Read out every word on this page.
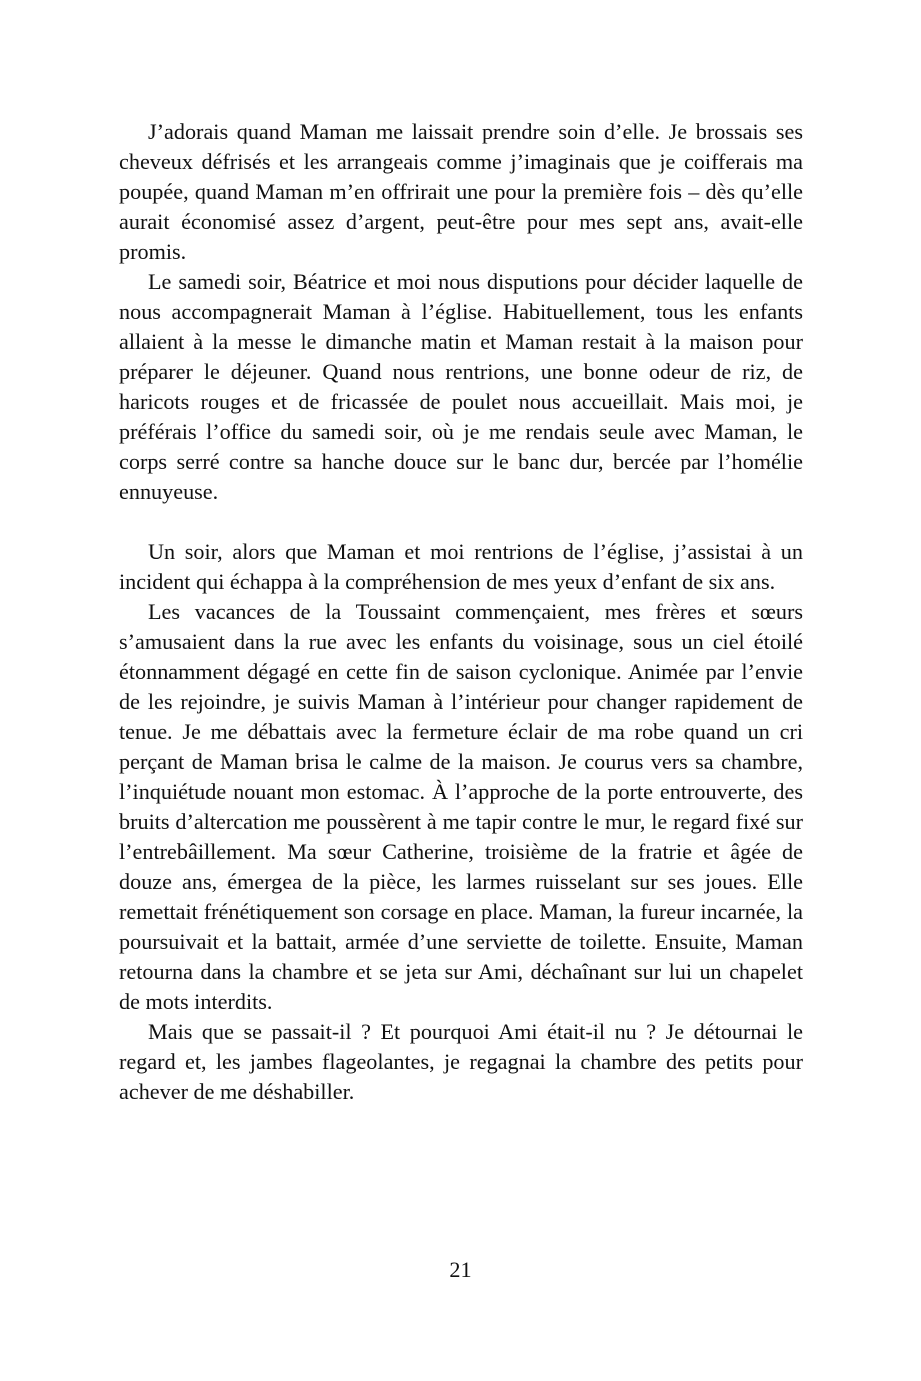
J’adorais quand Maman me laissait prendre soin d’elle. Je brossais ses cheveux défrisés et les arrangeais comme j’imaginais que je coifferais ma poupée, quand Maman m’en offrirait une pour la première fois – dès qu’elle aurait économisé assez d’argent, peut-être pour mes sept ans, avait-elle promis.

Le samedi soir, Béatrice et moi nous disputions pour décider laquelle de nous accompagnerait Maman à l’église. Habituellement, tous les enfants allaient à la messe le dimanche matin et Maman restait à la maison pour préparer le déjeuner. Quand nous rentrions, une bonne odeur de riz, de haricots rouges et de fricassée de poulet nous accueillait. Mais moi, je préférais l’office du samedi soir, où je me rendais seule avec Maman, le corps serré contre sa hanche douce sur le banc dur, bercée par l’homélie ennuyeuse.

Un soir, alors que Maman et moi rentrions de l’église, j’assistai à un incident qui échappa à la compréhension de mes yeux d’enfant de six ans.

Les vacances de la Toussaint commençaient, mes frères et sœurs s’amusaient dans la rue avec les enfants du voisinage, sous un ciel étoilé étonnamment dégagé en cette fin de saison cyclonique. Animée par l’envie de les rejoindre, je suivis Maman à l’intérieur pour changer rapidement de tenue. Je me débattais avec la fermeture éclair de ma robe quand un cri perçant de Maman brisa le calme de la maison. Je courus vers sa chambre, l’inquiétude nouant mon estomac. À l’approche de la porte entrouverte, des bruits d’altercation me poussèrent à me tapir contre le mur, le regard fixé sur l’entrebâillement. Ma sœur Catherine, troisième de la fratrie et âgée de douze ans, émergea de la pièce, les larmes ruisselant sur ses joues. Elle remettait frénétiquement son corsage en place. Maman, la fureur incarnée, la poursuivait et la battait, armée d’une serviette de toilette. Ensuite, Maman retourna dans la chambre et se jeta sur Ami, déchaînant sur lui un chapelet de mots interdits.

Mais que se passait-il ? Et pourquoi Ami était-il nu ? Je détournai le regard et, les jambes flageolantes, je regagnai la chambre des petits pour achever de me déshabiller.

21
